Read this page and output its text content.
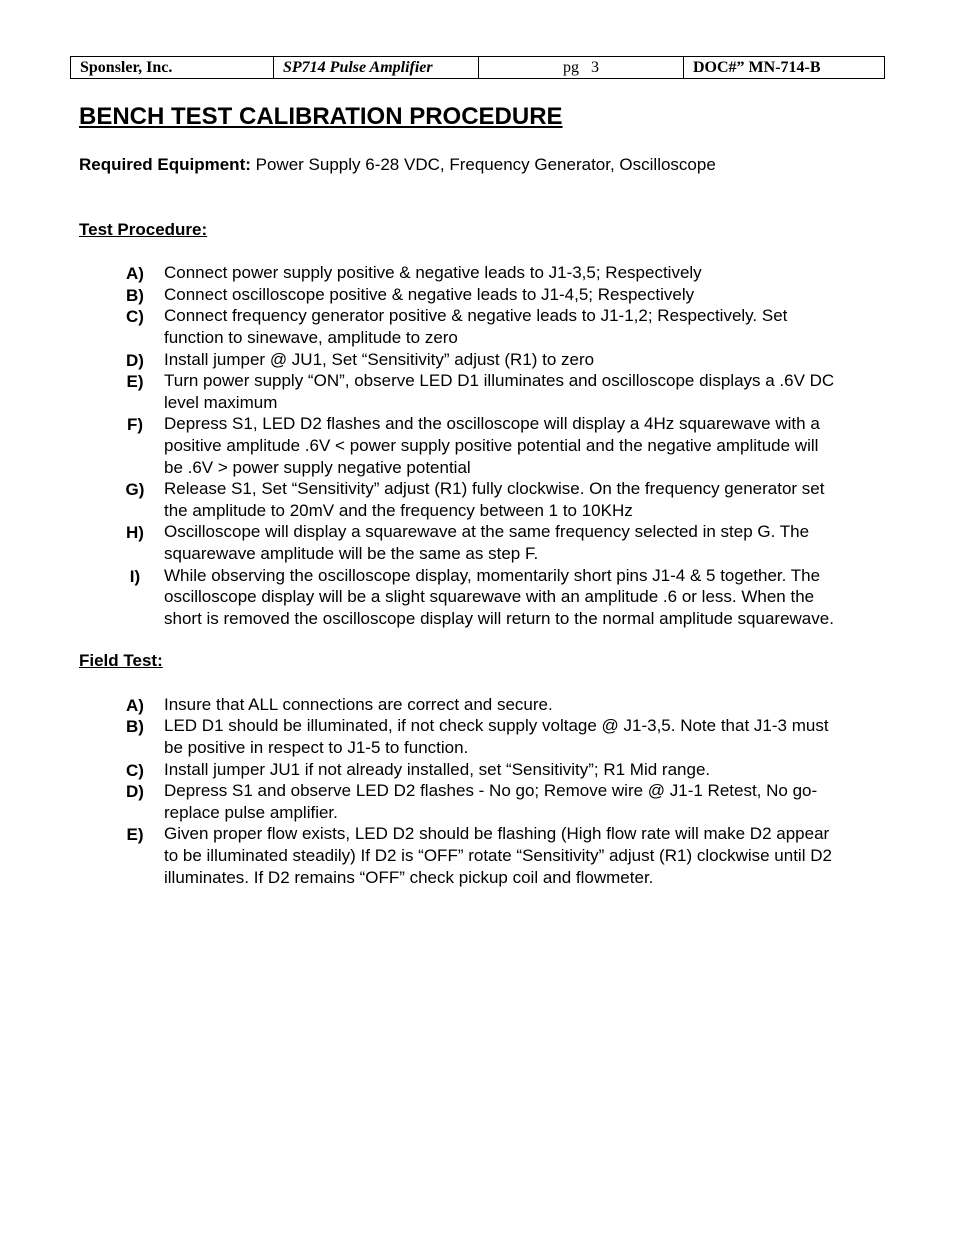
Sponsler, Inc.	SP714 Pulse Amplifier	pg   3	DOC#” MN-714-B
BENCH TEST CALIBRATION PROCEDURE
Required Equipment: Power Supply 6-28 VDC, Frequency Generator, Oscilloscope
Test Procedure:
A) Connect power supply positive & negative leads to J1-3,5; Respectively
B) Connect oscilloscope positive & negative leads to J1-4,5; Respectively
C) Connect frequency generator positive & negative leads to J1-1,2; Respectively. Set function to sinewave, amplitude to zero
D) Install jumper @ JU1, Set “Sensitivity” adjust (R1) to zero
E) Turn power supply “ON”, observe LED D1 illuminates and oscilloscope displays a .6V DC level maximum
F) Depress S1, LED D2 flashes and the oscilloscope will display a 4Hz squarewave with a positive amplitude .6V < power supply positive potential and the negative amplitude will be .6V > power supply negative potential
G) Release S1, Set “Sensitivity” adjust (R1) fully clockwise. On the frequency generator set the amplitude to 20mV and the frequency between 1 to 10KHz
H) Oscilloscope will display a squarewave at the same frequency selected in step G. The squarewave amplitude will be the same as step F.
I) While observing the oscilloscope display, momentarily short pins J1-4 & 5 together. The oscilloscope display will be a slight squarewave with an amplitude .6 or less. When the short is removed the oscilloscope display will return to the normal amplitude squarewave.
Field Test:
A) Insure that ALL connections are correct and secure.
B) LED D1 should be illuminated, if not check supply voltage @ J1-3,5. Note that J1-3 must be positive in respect to J1-5 to function.
C) Install jumper JU1 if not already installed, set “Sensitivity”; R1 Mid range.
D) Depress S1 and observe LED D2 flashes - No go; Remove wire @ J1-1 Retest, No go- replace pulse amplifier.
E) Given proper flow exists, LED D2 should be flashing (High flow rate will make D2 appear to be illuminated steadily) If D2 is “OFF” rotate “Sensitivity” adjust (R1) clockwise until D2 illuminates. If D2 remains “OFF” check pickup coil and flowmeter.
